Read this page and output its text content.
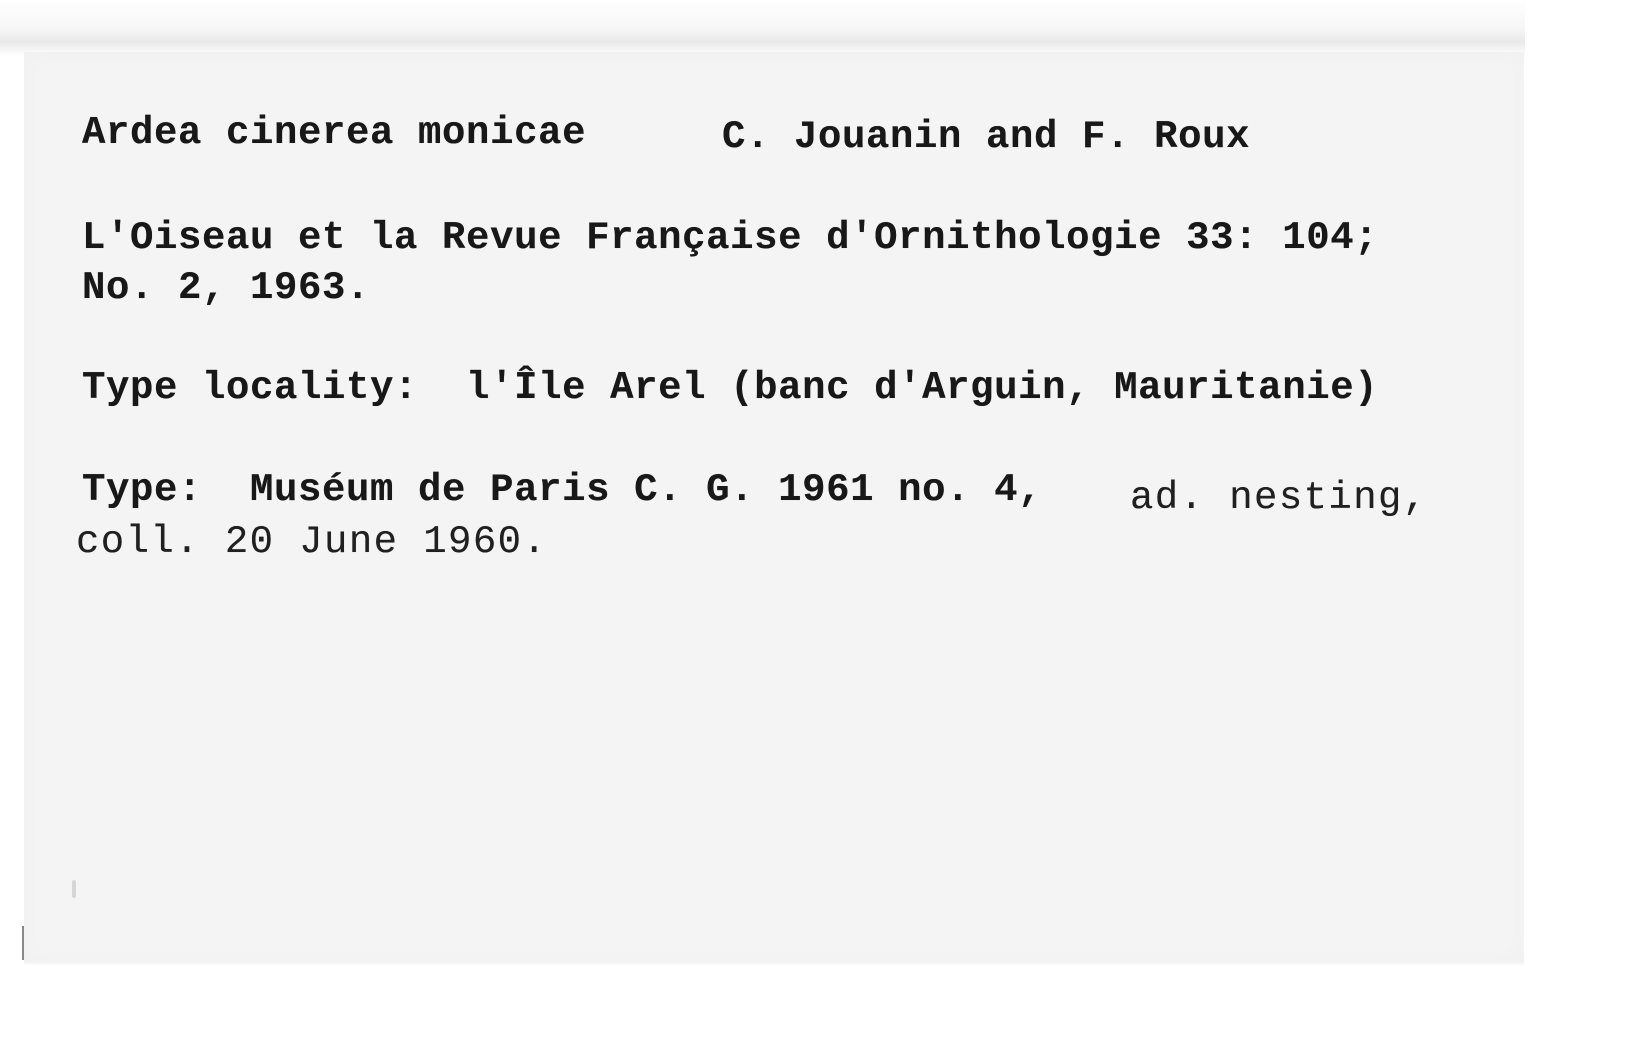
Ardea cinerea monicae	C. Jouanin and F. Roux
L'Oiseau et la Revue Française d'Ornithologie 33: 104;
No. 2, 1963.
Type locality:  l'Île Arel (banc d'Arguin, Mauritanie)
Type:  Muséum de Paris C. G. 1961 no. 4, ad. nesting,
coll. 20 June 1960.
